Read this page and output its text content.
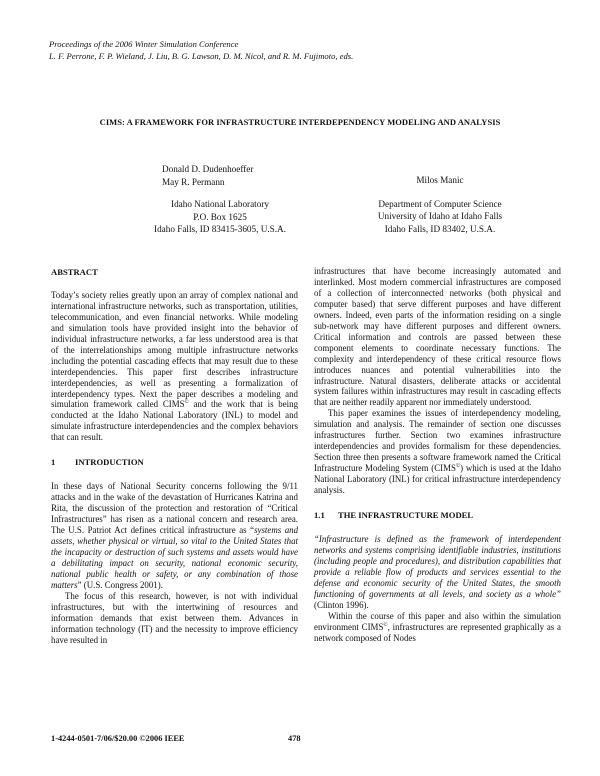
Proceedings of the 2006 Winter Simulation Conference
L. F. Perrone, F. P. Wieland, J. Liu, B. G. Lawson, D. M. Nicol, and R. M. Fujimoto, eds.
CIMS: A FRAMEWORK FOR INFRASTRUCTURE INTERDEPENDENCY MODELING AND ANALYSIS
Donald D. Dudenhoeffer
May R. Permann
Idaho National Laboratory
P.O. Box 1625
Idaho Falls, ID 83415-3605, U.S.A.
Milos Manic
Department of Computer Science
University of Idaho at Idaho Falls
Idaho Falls, ID 83402, U.S.A.

ABSTRACT

Today’s society relies greatly upon an array of complex national and international infrastructure networks, such as transportation, utilities, telecommunication, and even financial networks. While modeling and simulation tools have provided insight into the behavior of individual infrastructure networks, a far less understood area is that of the interrelationships among multiple infrastructure networks including the potential cascading effects that may result due to these interdependencies. This paper first describes infrastructure interdependencies, as well as presenting a formalization of interdependency types. Next the paper describes a modeling and simulation framework called CIMS© and the work that is being conducted at the Idaho National Laboratory (INL) to model and simulate infrastructure interdependencies and the complex behaviors that can result.

1 INTRODUCTION

In these days of National Security concerns following the 9/11 attacks and in the wake of the devastation of Hurricanes Katrina and Rita, the discussion of the protection and restoration of “Critical Infrastructures” has risen as a national concern and research area. The U.S. Patriot Act defines critical infrastructure as “systems and assets, whether physical or virtual, so vital to the United States that the incapacity or destruction of such systems and assets would have a debilitating impact on security, national economic security, national public health or safety, or any combination of those matters” (U.S. Congress 2001).

The focus of this research, however, is not with individual infrastructures, but with the intertwining of resources and information demands that exist between them. Advances in information technology (IT) and the necessity to improve efficiency have resulted in

infrastructures that have become increasingly automated and interlinked. Most modern commercial infrastructures are composed of a collection of interconnected networks (both physical and computer based) that serve different purposes and have different owners. Indeed, even parts of the information residing on a single sub-network may have different purposes and different owners. Critical information and controls are passed between these component elements to coordinate necessary functions. The complexity and interdependency of these critical resource flows introduces nuances and potential vulnerabilities into the infrastructure. Natural disasters, deliberate attacks or accidental system failures within infrastructures may result in cascading effects that are neither readily apparent nor immediately understood.

This paper examines the issues of interdependency modeling, simulation and analysis. The remainder of section one discusses infrastructures further. Section two examines infrastructure interdependencies and provides formalism for these dependencies. Section three then presents a software framework named the Critical Infrastructure Modeling System (CIMS©) which is used at the Idaho National Laboratory (INL) for critical infrastructure interdependency analysis.

1.1 THE INFRASTRUCTURE MODEL

“Infrastructure is defined as the framework of interdependent networks and systems comprising identifiable industries, institutions (including people and procedures), and distribution capabilities that provide a reliable flow of products and services essential to the defense and economic security of the United States, the smooth functioning of governments at all levels, and society as a whole” (Clinton 1996).

Within the course of this paper and also within the simulation environment CIMS©, infrastructures are represented graphically as a network composed of Nodes

1-4244-0501-7/06/$20.00 ©2006 IEEE	478
